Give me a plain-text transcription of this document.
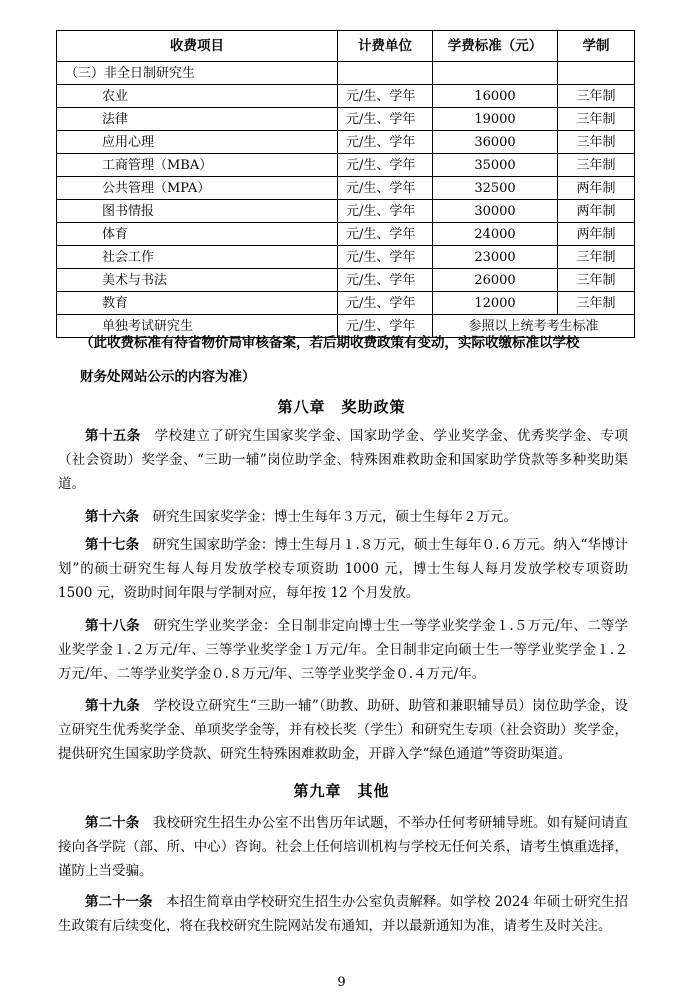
收费项目	计费单位	学费标准（元）	学制
（三）非全日制研究生			
农业	元/生、学年	16000	三年制
法律	元/生、学年	19000	三年制
应用心理	元/生、学年	36000	三年制
工商管理（MBA）	元/生、学年	35000	三年制
公共管理（MPA）	元/生、学年	32500	两年制
图书情报	元/生、学年	30000	两年制
体育	元/生、学年	24000	两年制
社会工作	元/生、学年	23000	三年制
美术与书法	元/生、学年	26000	三年制
教育	元/生、学年	12000	三年制
单独考试研究生	元/生、学年	参照以上统考考生标准	
（此收费标准有待省物价局审核备案，若后期收费政策有变动，实际收缴标准以学校
财务处网站公示的内容为准）
第八章　奖助政策
第十五条　学校建立了研究生国家奖学金、国家助学金、学业奖学金、优秀奖学金、专项（社会资助）奖学金、“三助一辅”岗位助学金、特殊困难救助金和国家助学贷款等多种奖助渠道。
第十六条　研究生国家奖学金：博士生每年３万元，硕士生每年２万元。
第十七条　研究生国家助学金：博士生每月１.８万元，硕士生每年０.６万元。纳入“华博计划”的硕士研究生每人每月发放学校专项资助 1000 元，博士生每人每月发放学校专项资助 1500 元，资助时间年限与学制对应，每年按 12 个月发放。
第十八条　研究生学业奖学金：全日制非定向博士生一等学业奖学金１.５万元/年、二等学业奖学金１.２万元/年、三等学业奖学金１万元/年。全日制非定向硕士生一等学业奖学金１.２万元/年、二等学业奖学金０.８万元/年、三等学业奖学金０.４万元/年。
第十九条　学校设立研究生“三助一辅”（助教、助研、助管和兼职辅导员）岗位助学金，设立研究生优秀奖学金、单项奖学金等，并有校长奖（学生）和研究生专项（社会资助）奖学金，提供研究生国家助学贷款、研究生特殊困难救助金，开辟入学“绿色通道”等资助渠道。
第九章　其他
第二十条　我校研究生招生办公室不出售历年试题，不举办任何考研辅导班。如有疑问请直接向各学院（部、所、中心）咨询。社会上任何培训机构与学校无任何关系，请考生慎重选择，谨防上当受骗。
第二十一条　本招生简章由学校研究生招生办公室负责解释。如学校 2024 年硕士研究生招生政策有后续变化，将在我校研究生院网站发布通知，并以最新通知为准，请考生及时关注。
9
